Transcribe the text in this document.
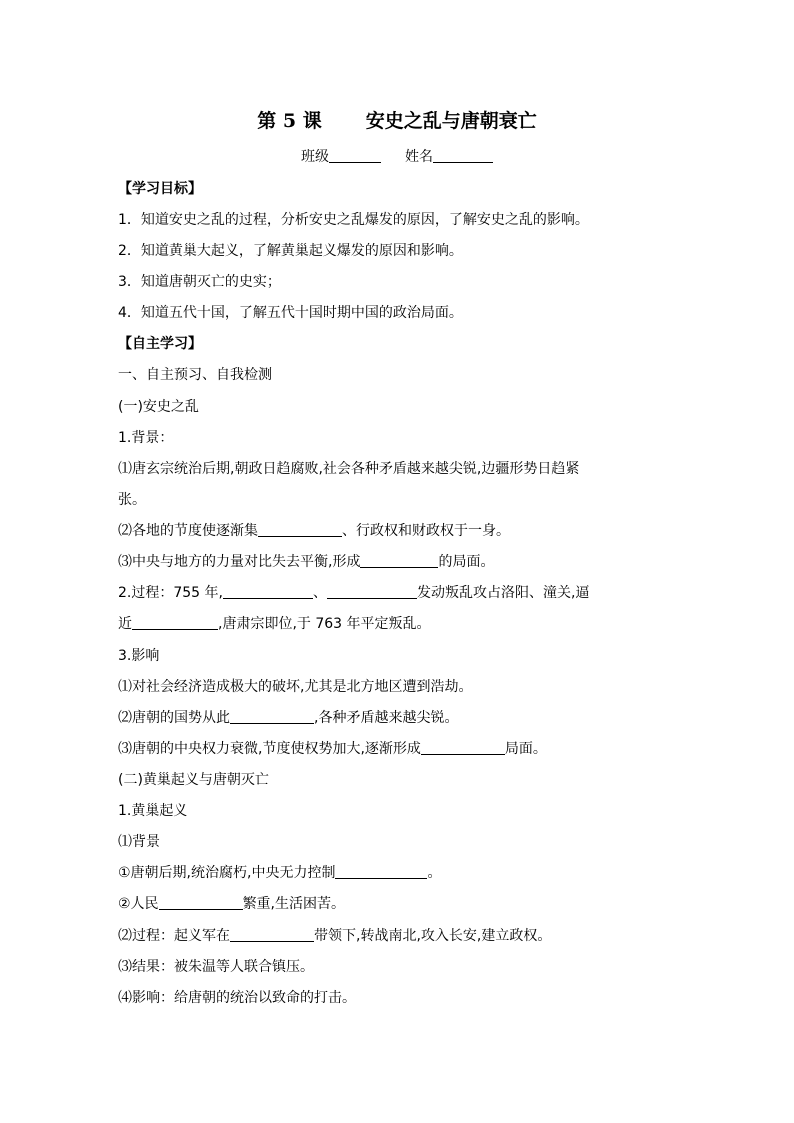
第 5 课 安史之乱与唐朝衰亡
班级	姓名
【学习目标】
1．知道安史之乱的过程，分析安史之乱爆发的原因，了解安史之乱的影响。
2．知道黄巢大起义，了解黄巢起义爆发的原因和影响。
3．知道唐朝灭亡的史实；
4．知道五代十国，了解五代十国时期中国的政治局面。
【自主学习】
一、自主预习、自我检测
(一)安史之乱
1.背景：
⑴唐玄宗统治后期,朝政日趋腐败,社会各种矛盾越来越尖锐,边疆形势日趋紧
张。
⑵各地的节度使逐渐集	、行政权和财政权于一身。
⑶中央与地方的力量对比失去平衡,形成	的局面。
2.过程：755 年,	、	发动叛乱攻占洛阳、潼关,逼
近	,唐肃宗即位,于 763 年平定叛乱。
3.影响
⑴对社会经济造成极大的破坏,尤其是北方地区遭到浩劫。
⑵唐朝的国势从此	,各种矛盾越来越尖锐。
⑶唐朝的中央权力衰微,节度使权势加大,逐渐形成	局面。
(二)黄巢起义与唐朝灭亡
1.黄巢起义
⑴背景
①唐朝后期,统治腐朽,中央无力控制	。
②人民	繁重,生活困苦。
⑵过程：起义军在	带领下,转战南北,攻入长安,建立政权。
⑶结果：被朱温等人联合镇压。
⑷影响：给唐朝的统治以致命的打击。
